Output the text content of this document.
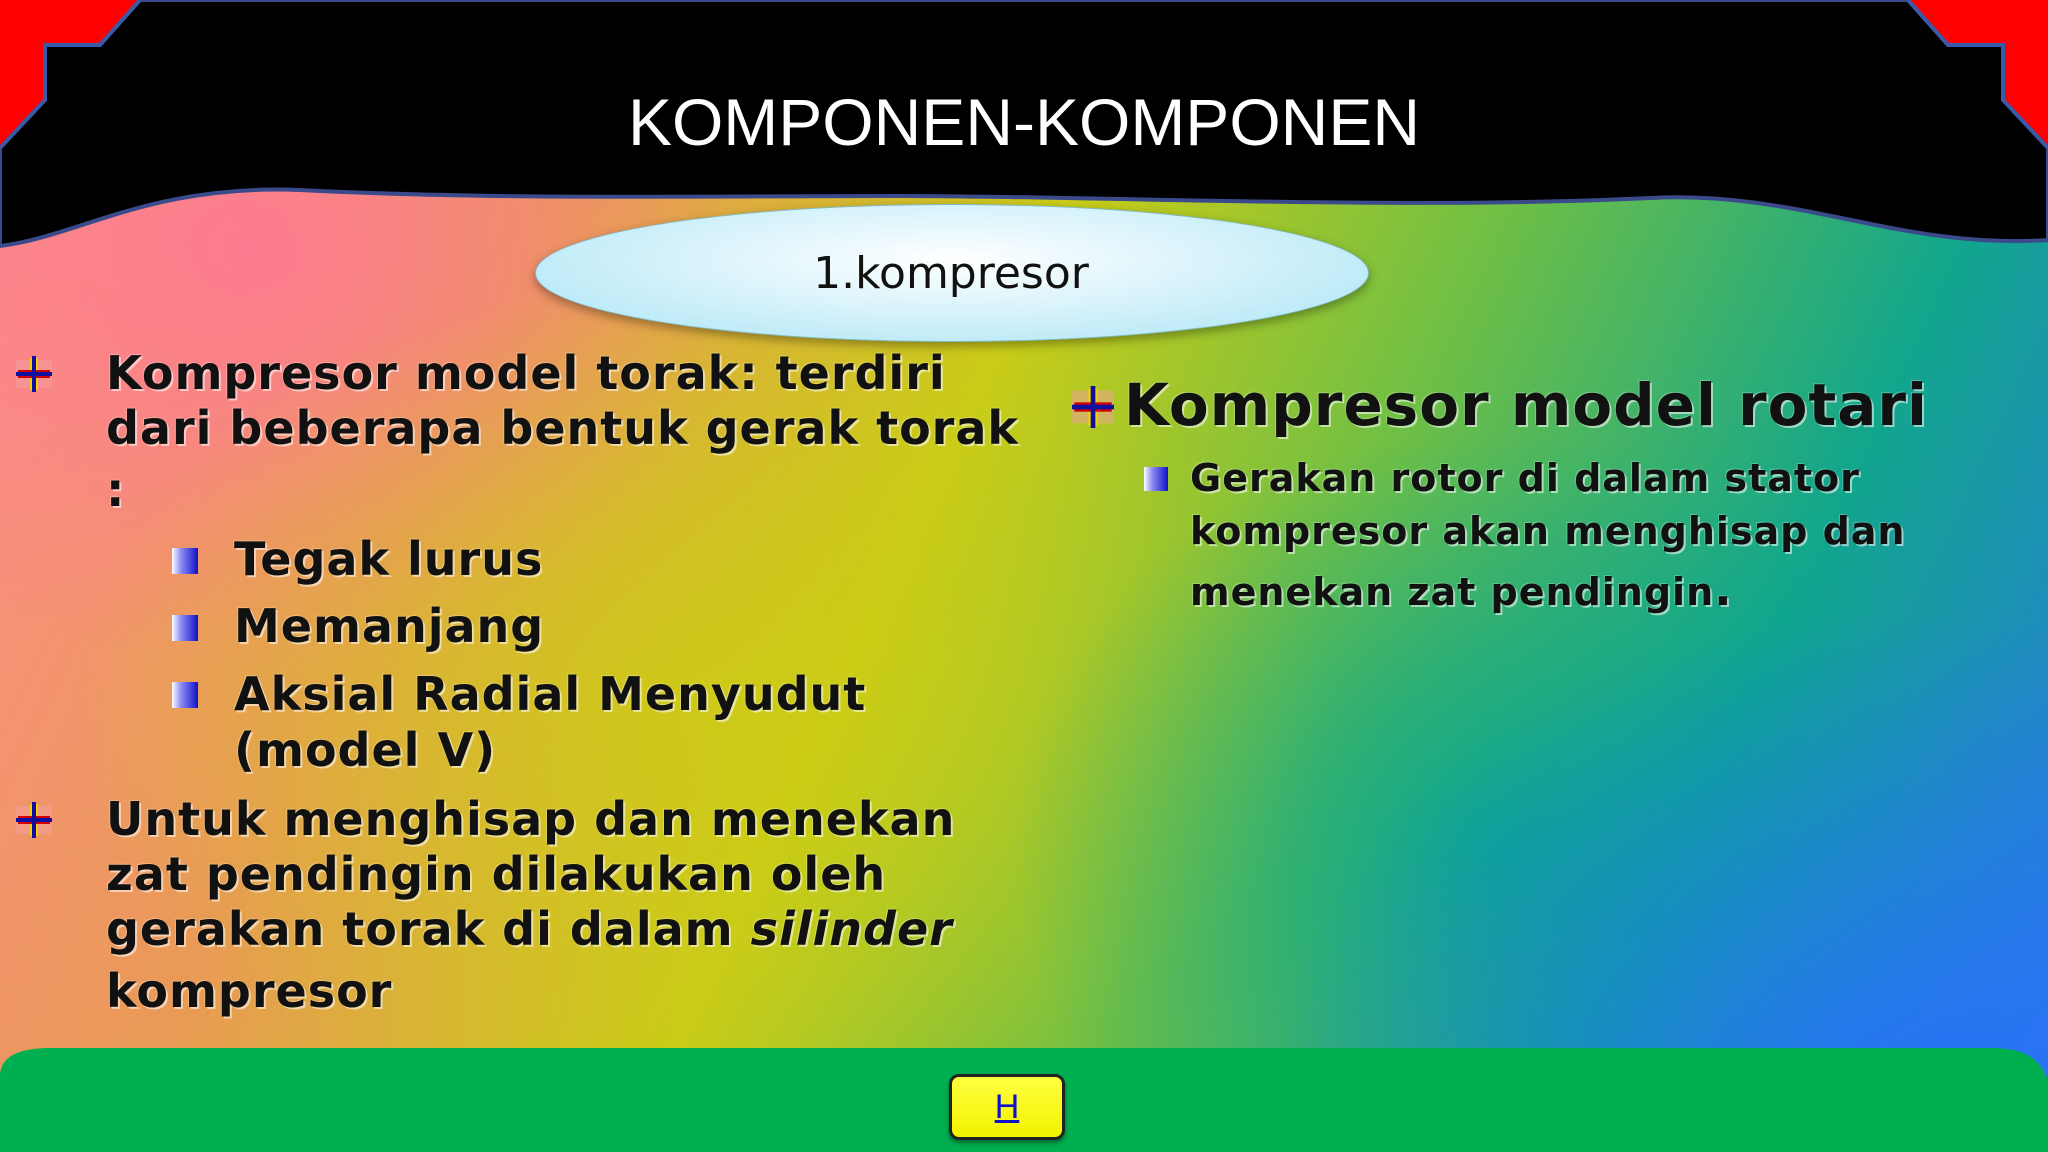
KOMPONEN-KOMPONEN
1.kompresor
Kompresor model torak: terdiri
dari beberapa bentuk gerak torak
:
Tegak lurus
Memanjang
Aksial Radial Menyudut
(model V)
Untuk menghisap dan menekan
zat pendingin dilakukan oleh
gerakan torak di dalam silinder
kompresor
Kompresor model rotari
Gerakan rotor di dalam stator
kompresor akan menghisap dan
menekan zat pendingin.
H
